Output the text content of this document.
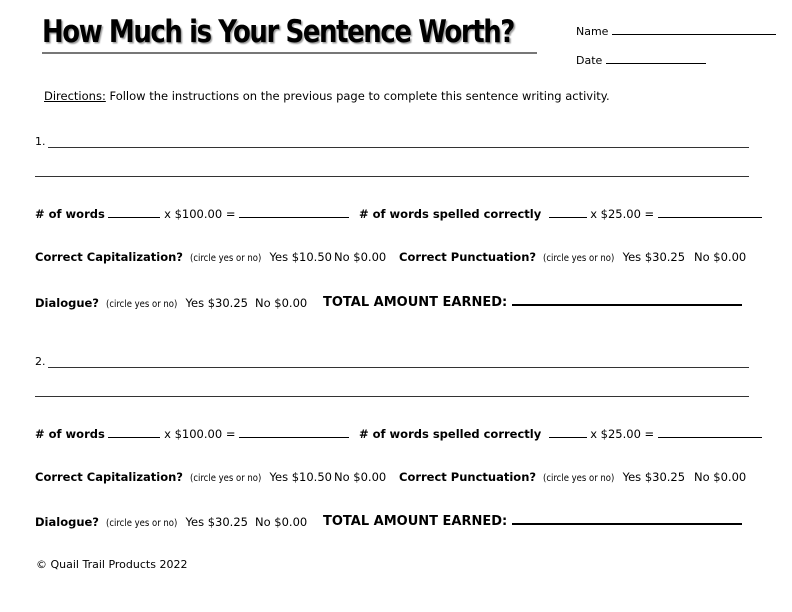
How Much is Your Sentence Worth?	Name
Date
Directions: Follow the instructions on the previous page to complete this sentence writing activity.
1.
# of words	x $100.00 =	# of words spelled correctly	x $25.00 =
Correct Capitalization? (circle yes or no) Yes $10.50 No $0.00 Correct Punctuation? (circle yes or no) Yes $30.25 No $0.00
Dialogue? (circle yes or no) Yes $30.25 No $0.00 TOTAL AMOUNT EARNED:
2.
# of words	x $100.00 =	# of words spelled correctly	x $25.00 =
Correct Capitalization? (circle yes or no) Yes $10.50 No $0.00 Correct Punctuation? (circle yes or no) Yes $30.25 No $0.00
Dialogue? (circle yes or no) Yes $30.25 No $0.00 TOTAL AMOUNT EARNED:
© Quail Trail Products 2022
